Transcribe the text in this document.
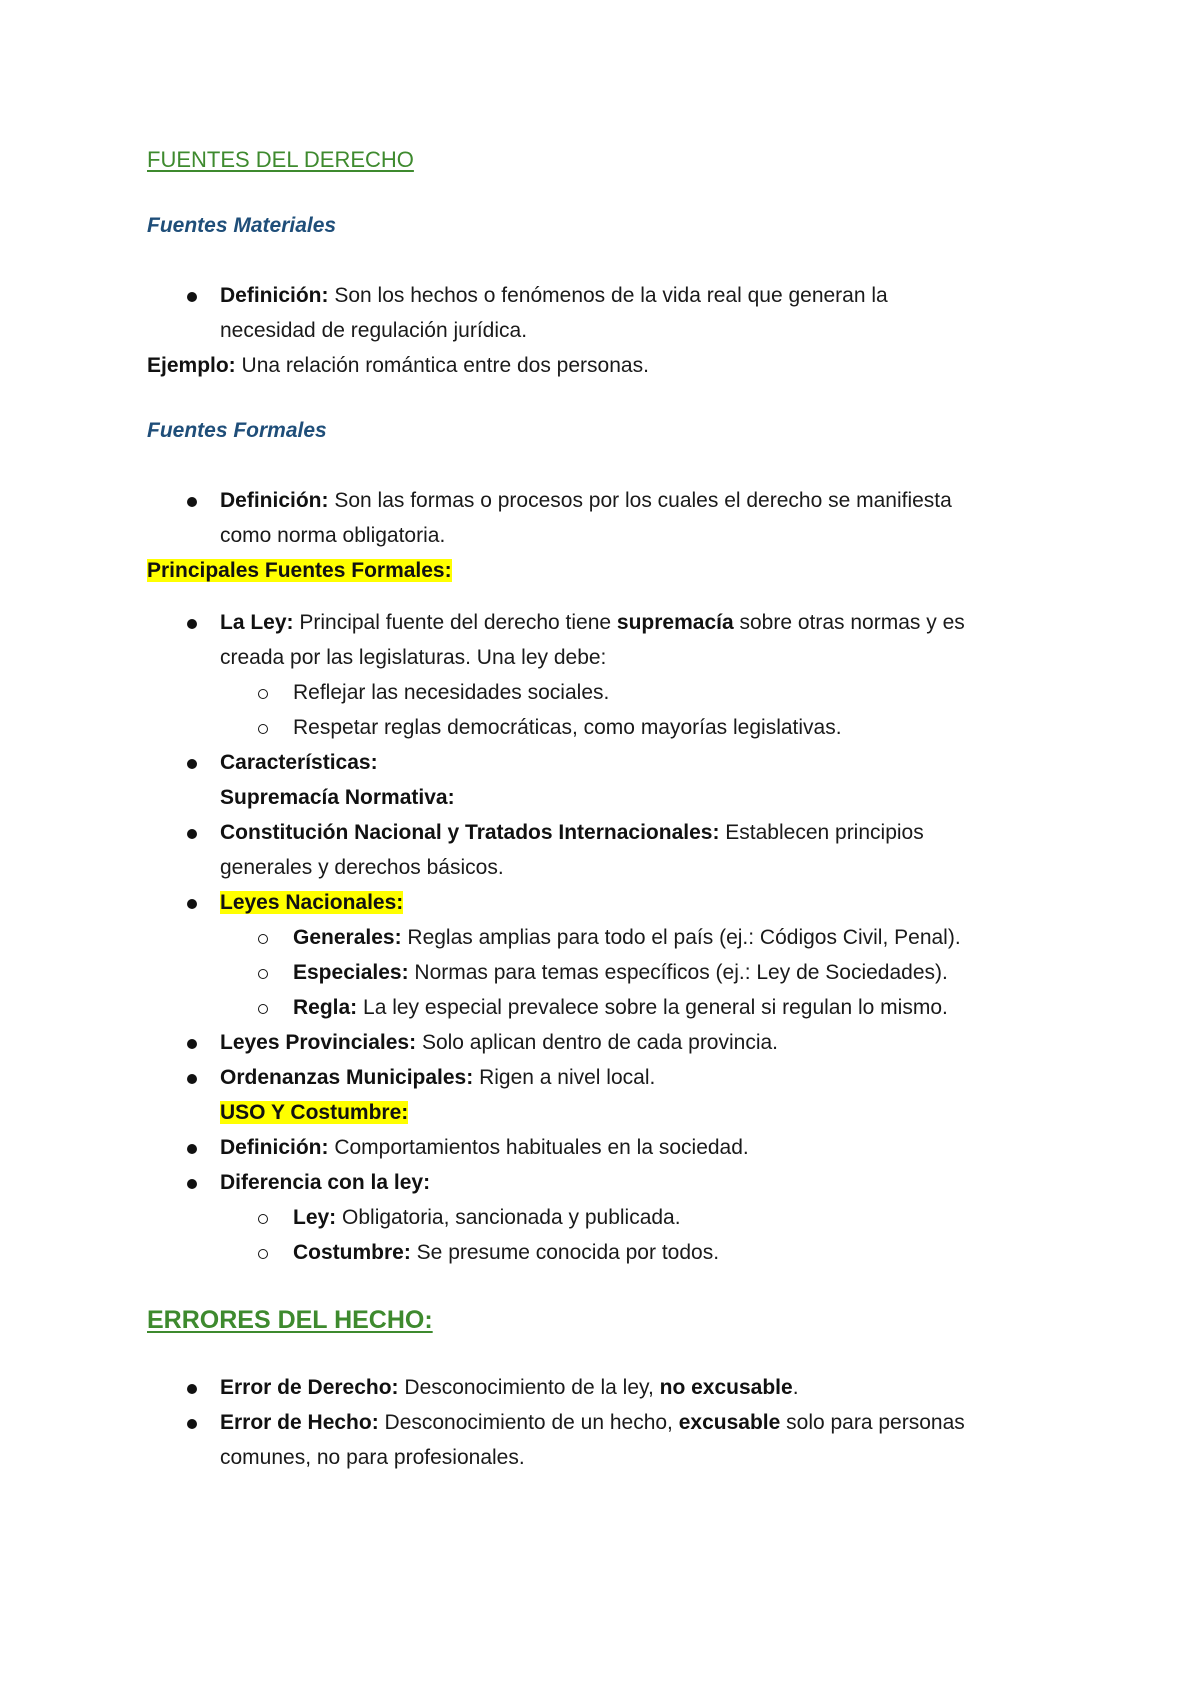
FUENTES DEL DERECHO
Fuentes Materiales
Definición: Son los hechos o fenómenos de la vida real que generan la
necesidad de regulación jurídica.
Ejemplo: Una relación romántica entre dos personas.
Fuentes Formales
Definición: Son las formas o procesos por los cuales el derecho se manifiesta
como norma obligatoria.
Principales Fuentes Formales:
La Ley: Principal fuente del derecho tiene supremacía sobre otras normas y es
creada por las legislaturas. Una ley debe:
Reflejar las necesidades sociales.
Respetar reglas democráticas, como mayorías legislativas.
Características:
Supremacía Normativa:
Constitución Nacional y Tratados Internacionales: Establecen principios
generales y derechos básicos.
Leyes Nacionales:
Generales: Reglas amplias para todo el país (ej.: Códigos Civil, Penal).
Especiales: Normas para temas específicos (ej.: Ley de Sociedades).
Regla: La ley especial prevalece sobre la general si regulan lo mismo.
Leyes Provinciales: Solo aplican dentro de cada provincia.
Ordenanzas Municipales: Rigen a nivel local.
USO Y Costumbre:
Definición: Comportamientos habituales en la sociedad.
Diferencia con la ley:
Ley: Obligatoria, sancionada y publicada.
Costumbre: Se presume conocida por todos.
ERRORES DEL HECHO:
Error de Derecho: Desconocimiento de la ley, no excusable.
Error de Hecho: Desconocimiento de un hecho, excusable solo para personas
comunes, no para profesionales.
